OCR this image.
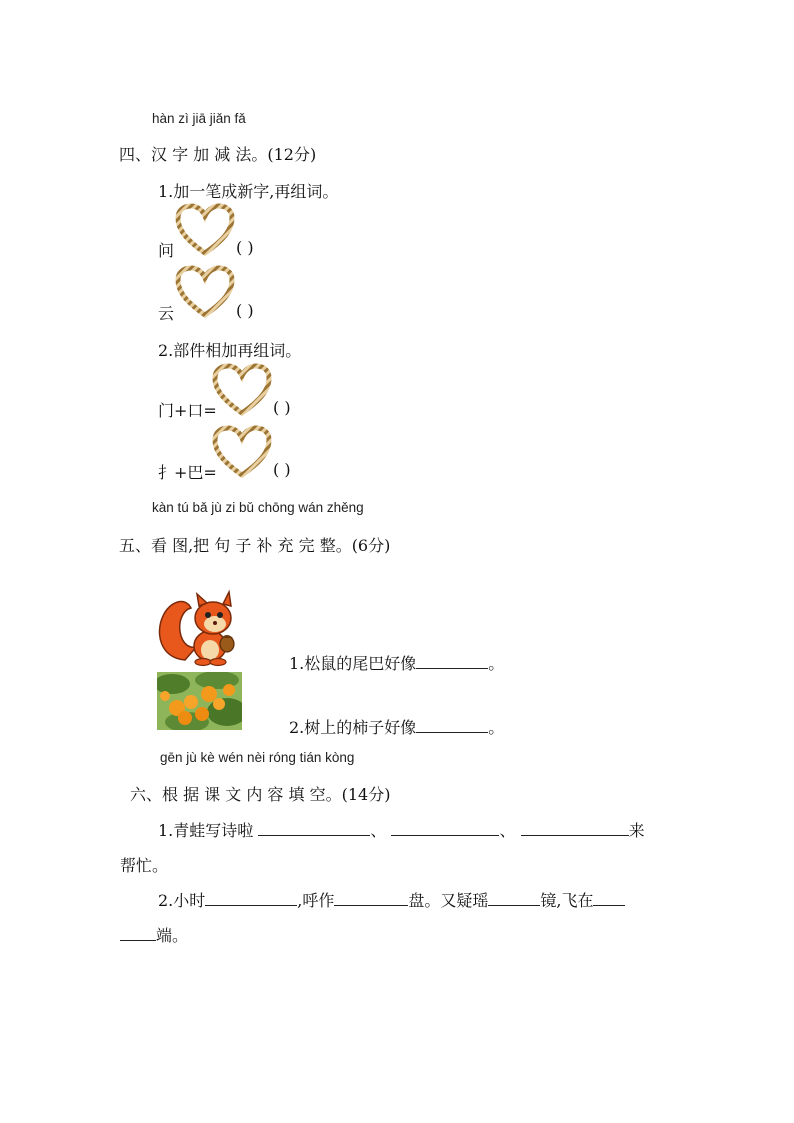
hàn zì jiā jiǎn fǎ
四、汉 字 加 减 法。(12分)
1.加一笔成新字,再组词。
问	( )
云	( )
2.部件相加再组词。
门+口=	( )
扌+巴=	( )
kàn tú bǎ jù zi bǔ chōng wán zhěng
五、看 图,把 句 子 补 充 完 整。(6分)
1.松鼠的尾巴好像	。
2.树上的柿子好像	。
gēn jù kè wén nèi róng tián kòng
六、根 据 课 文 内 容 填 空。(14分)
1.青蛙写诗啦	、	、	来
帮忙。
2.小时	,呼作	盘。又疑瑶	镜,飞在
端。
